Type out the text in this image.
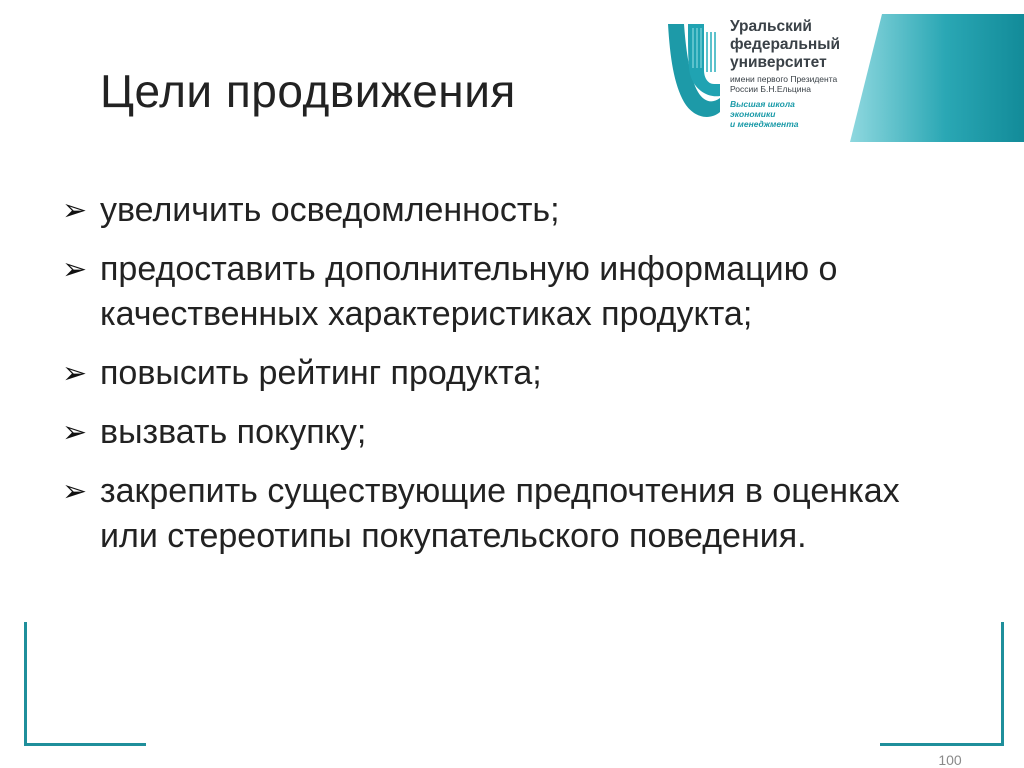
Цели продвижения
Уральский
федеральный
университет
имени первого Президента
России Б.Н.Ельцина
Высшая школа
экономики
и менеджмента
➢ увеличить осведомленность;
➢ предоставить дополнительную информацию о качественных характеристиках продукта;
➢ повысить рейтинг продукта;
➢ вызвать покупку;
➢ закрепить существующие предпочтения в оценках или стереотипы покупательского поведения.
100
